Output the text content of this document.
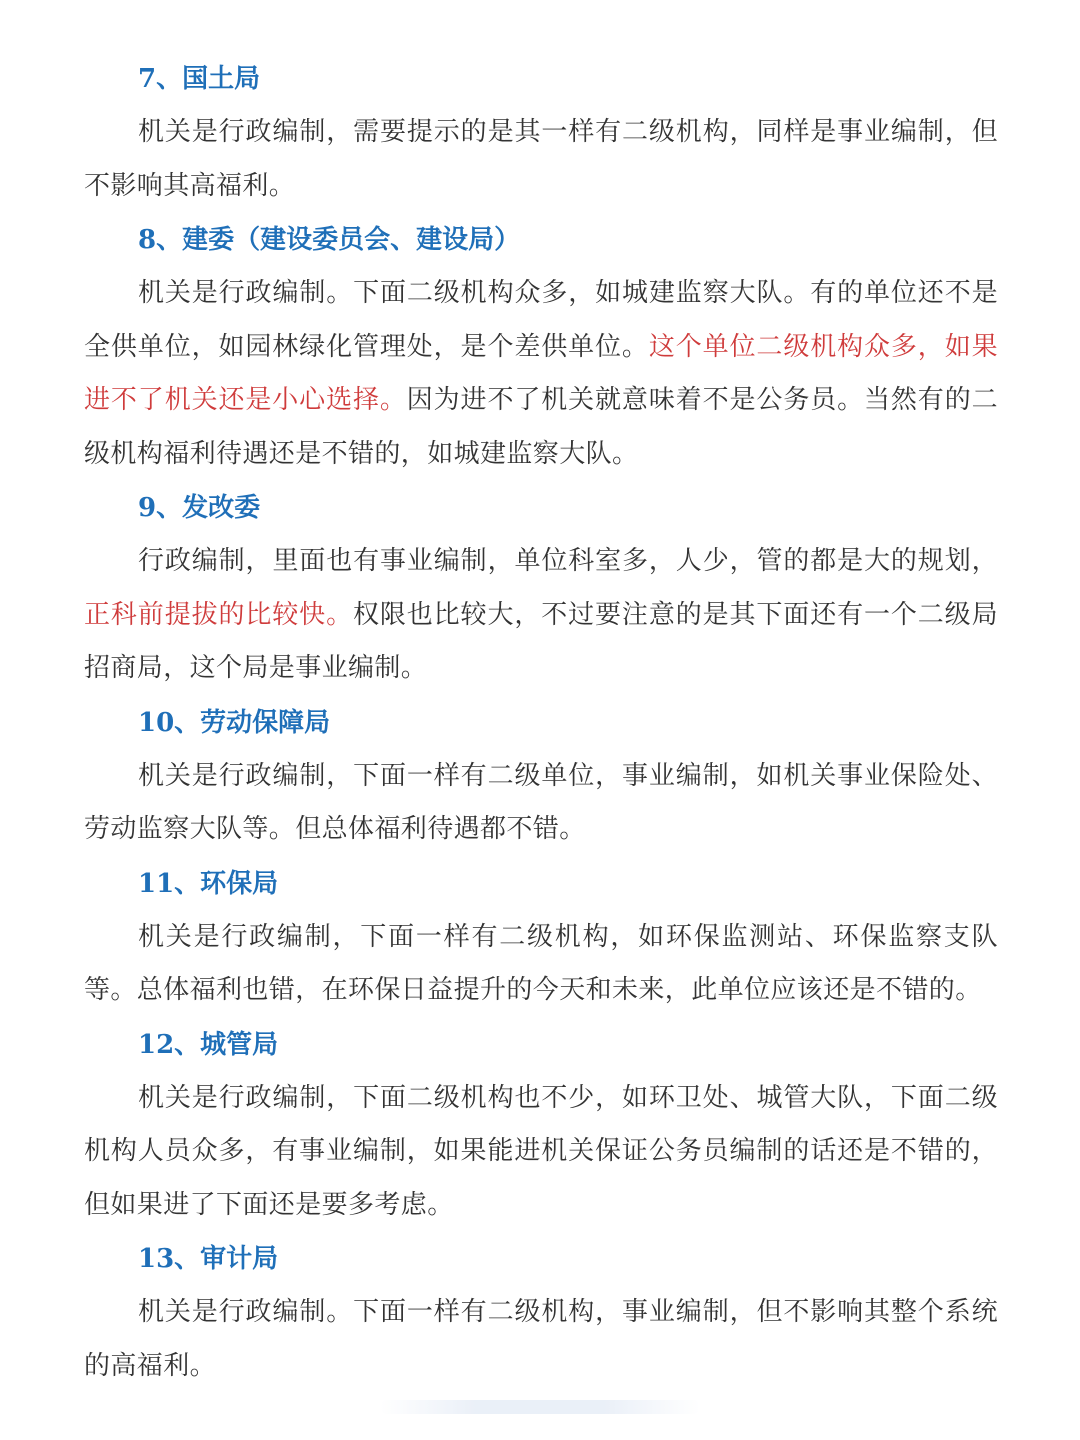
7、国土局

机关是行政编制，需要提示的是其一样有二级机构，同样是事业编制，但不影响其高福利。

8、建委（建设委员会、建设局）

机关是行政编制。下面二级机构众多，如城建监察大队。有的单位还不是全供单位，如园林绿化管理处，是个差供单位。这个单位二级机构众多，如果进不了机关还是小心选择。因为进不了机关就意味着不是公务员。当然有的二级机构福利待遇还是不错的，如城建监察大队。

9、发改委

行政编制，里面也有事业编制，单位科室多，人少，管的都是大的规划，正科前提拔的比较快。权限也比较大，不过要注意的是其下面还有一个二级局招商局，这个局是事业编制。

10、劳动保障局

机关是行政编制，下面一样有二级单位，事业编制，如机关事业保险处、劳动监察大队等。但总体福利待遇都不错。

11、环保局

机关是行政编制，下面一样有二级机构，如环保监测站、环保监察支队等。总体福利也错，在环保日益提升的今天和未来，此单位应该还是不错的。

12、城管局

机关是行政编制，下面二级机构也不少，如环卫处、城管大队，下面二级机构人员众多，有事业编制，如果能进机关保证公务员编制的话还是不错的，但如果进了下面还是要多考虑。

13、审计局

机关是行政编制。下面一样有二级机构，事业编制，但不影响其整个系统的高福利。
